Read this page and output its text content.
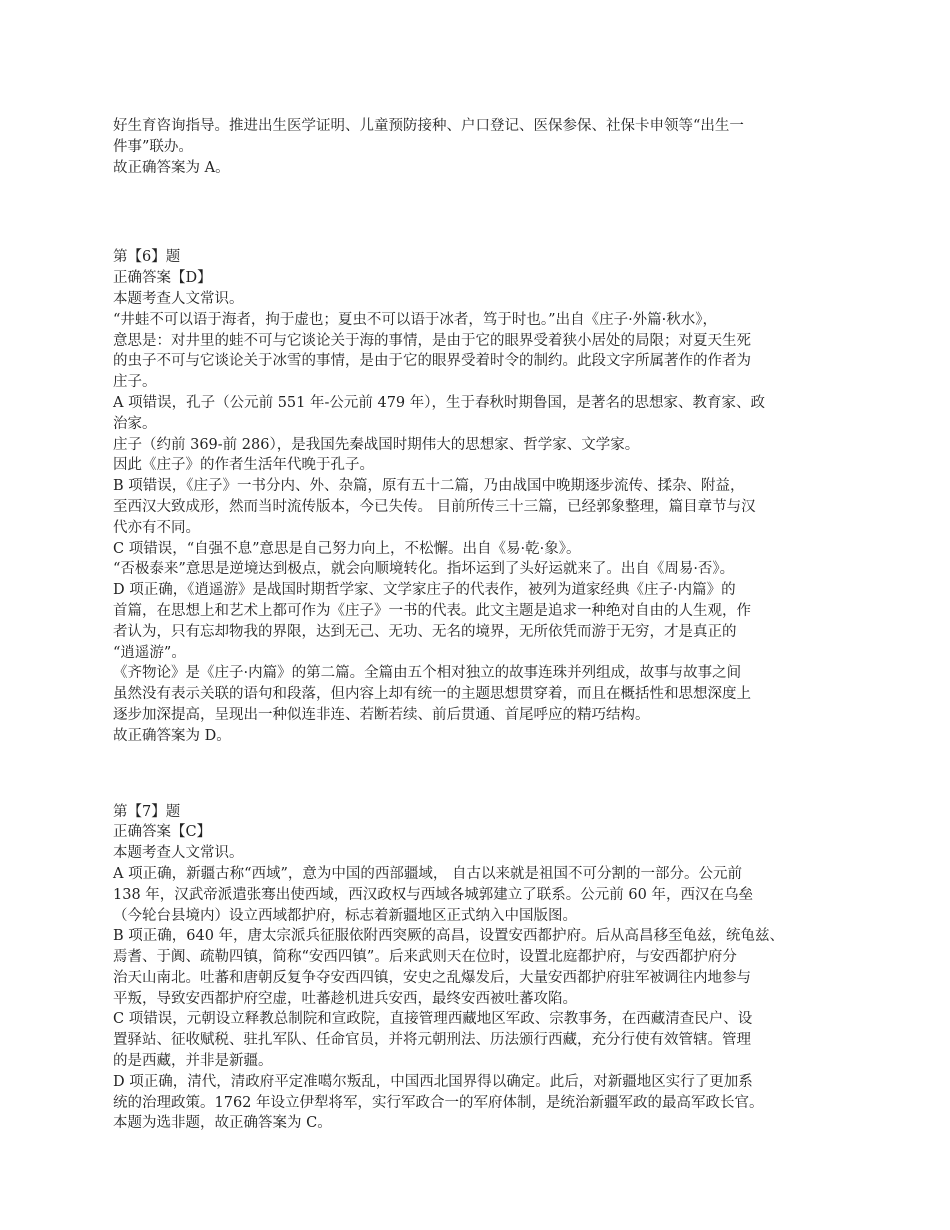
好生育咨询指导。推进出生医学证明、儿童预防接种、户口登记、医保参保、社保卡申领等“出生一
件事”联办。
故正确答案为 A。
第【6】题
正确答案【D】
本题考查人文常识。
“井蛙不可以语于海者，拘于虚也；夏虫不可以语于冰者，笃于时也。”出自《庄子·外篇·秋水》，
意思是：对井里的蛙不可与它谈论关于海的事情，是由于它的眼界受着狭小居处的局限；对夏天生死
的虫子不可与它谈论关于冰雪的事情，是由于它的眼界受着时令的制约。此段文字所属著作的作者为
庄子。
A 项错误，孔子（公元前 551 年-公元前 479 年），生于春秋时期鲁国，是著名的思想家、教育家、政
治家。
庄子（约前 369-前 286），是我国先秦战国时期伟大的思想家、哲学家、文学家。
因此《庄子》的作者生活年代晚于孔子。
B 项错误，《庄子》一书分内、外、杂篇，原有五十二篇，乃由战国中晚期逐步流传、揉杂、附益，
至西汉大致成形，然而当时流传版本，今已失传。 目前所传三十三篇，已经郭象整理，篇目章节与汉
代亦有不同。
C 项错误，“自强不息”意思是自己努力向上，不松懈。出自《易·乾·象》。
“否极泰来”意思是逆境达到极点，就会向顺境转化。指坏运到了头好运就来了。出自《周易·否》。
D 项正确，《逍遥游》是战国时期哲学家、文学家庄子的代表作，被列为道家经典《庄子·内篇》的
首篇，在思想上和艺术上都可作为《庄子》一书的代表。此文主题是追求一种绝对自由的人生观，作
者认为，只有忘却物我的界限，达到无己、无功、无名的境界，无所依凭而游于无穷，才是真正的
“逍遥游”。
《齐物论》是《庄子·内篇》的第二篇。全篇由五个相对独立的故事连珠并列组成，故事与故事之间
虽然没有表示关联的语句和段落，但内容上却有统一的主题思想贯穿着，而且在概括性和思想深度上
逐步加深提高，呈现出一种似连非连、若断若续、前后贯通、首尾呼应的精巧结构。
故正确答案为 D。
第【7】题
正确答案【C】
本题考查人文常识。
A 项正确，新疆古称“西域”，意为中国的西部疆域， 自古以来就是祖国不可分割的一部分。公元前
138 年，汉武帝派遣张骞出使西域，西汉政权与西域各城郭建立了联系。公元前 60 年，西汉在乌垒
（今轮台县境内）设立西域都护府，标志着新疆地区正式纳入中国版图。
B 项正确，640 年，唐太宗派兵征服依附西突厥的高昌，设置安西都护府。后从高昌移至龟兹，统龟兹、
焉耆、于阗、疏勒四镇，简称“安西四镇”。后来武则天在位时，设置北庭都护府，与安西都护府分
治天山南北。吐蕃和唐朝反复争夺安西四镇，安史之乱爆发后，大量安西都护府驻军被调往内地参与
平叛，导致安西都护府空虚，吐蕃趁机进兵安西，最终安西被吐蕃攻陷。
C 项错误，元朝设立释教总制院和宣政院，直接管理西藏地区军政、宗教事务，在西藏清查民户、设
置驿站、征收赋税、驻扎军队、任命官员，并将元朝刑法、历法颁行西藏，充分行使有效管辖。管理
的是西藏，并非是新疆。
D 项正确，清代，清政府平定准噶尔叛乱，中国西北国界得以确定。此后，对新疆地区实行了更加系
统的治理政策。1762 年设立伊犁将军，实行军政合一的军府体制，是统治新疆军政的最高军政长官。
本题为选非题，故正确答案为 C。
